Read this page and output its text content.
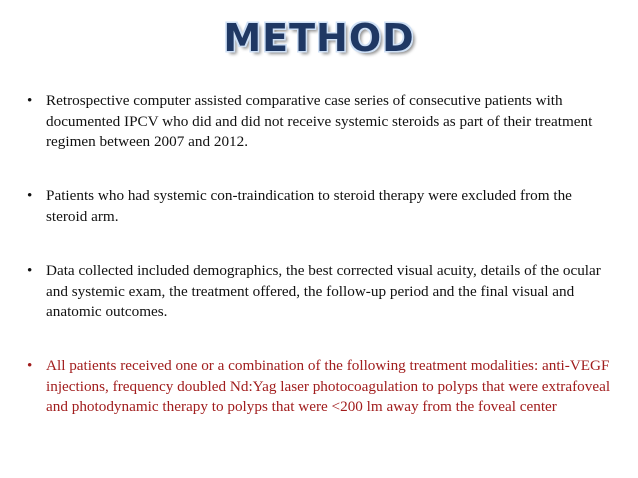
METHOD
• Retrospective computer assisted comparative case series of consecutive patients with documented IPCV who did and did not receive systemic steroids as part of their treatment regimen between 2007 and 2012.
• Patients who had systemic con-traindication to steroid therapy were excluded from the steroid arm.
• Data collected included demographics, the best corrected visual acuity, details of the ocular and systemic exam, the treatment offered, the follow-up period and the final visual and anatomic outcomes.
• All patients received one or a combination of the following treatment modalities: anti-VEGF injections, frequency doubled Nd:Yag laser photocoagulation to polyps that were extrafoveal and photodynamic therapy to polyps that were <200 lm away from the foveal center
